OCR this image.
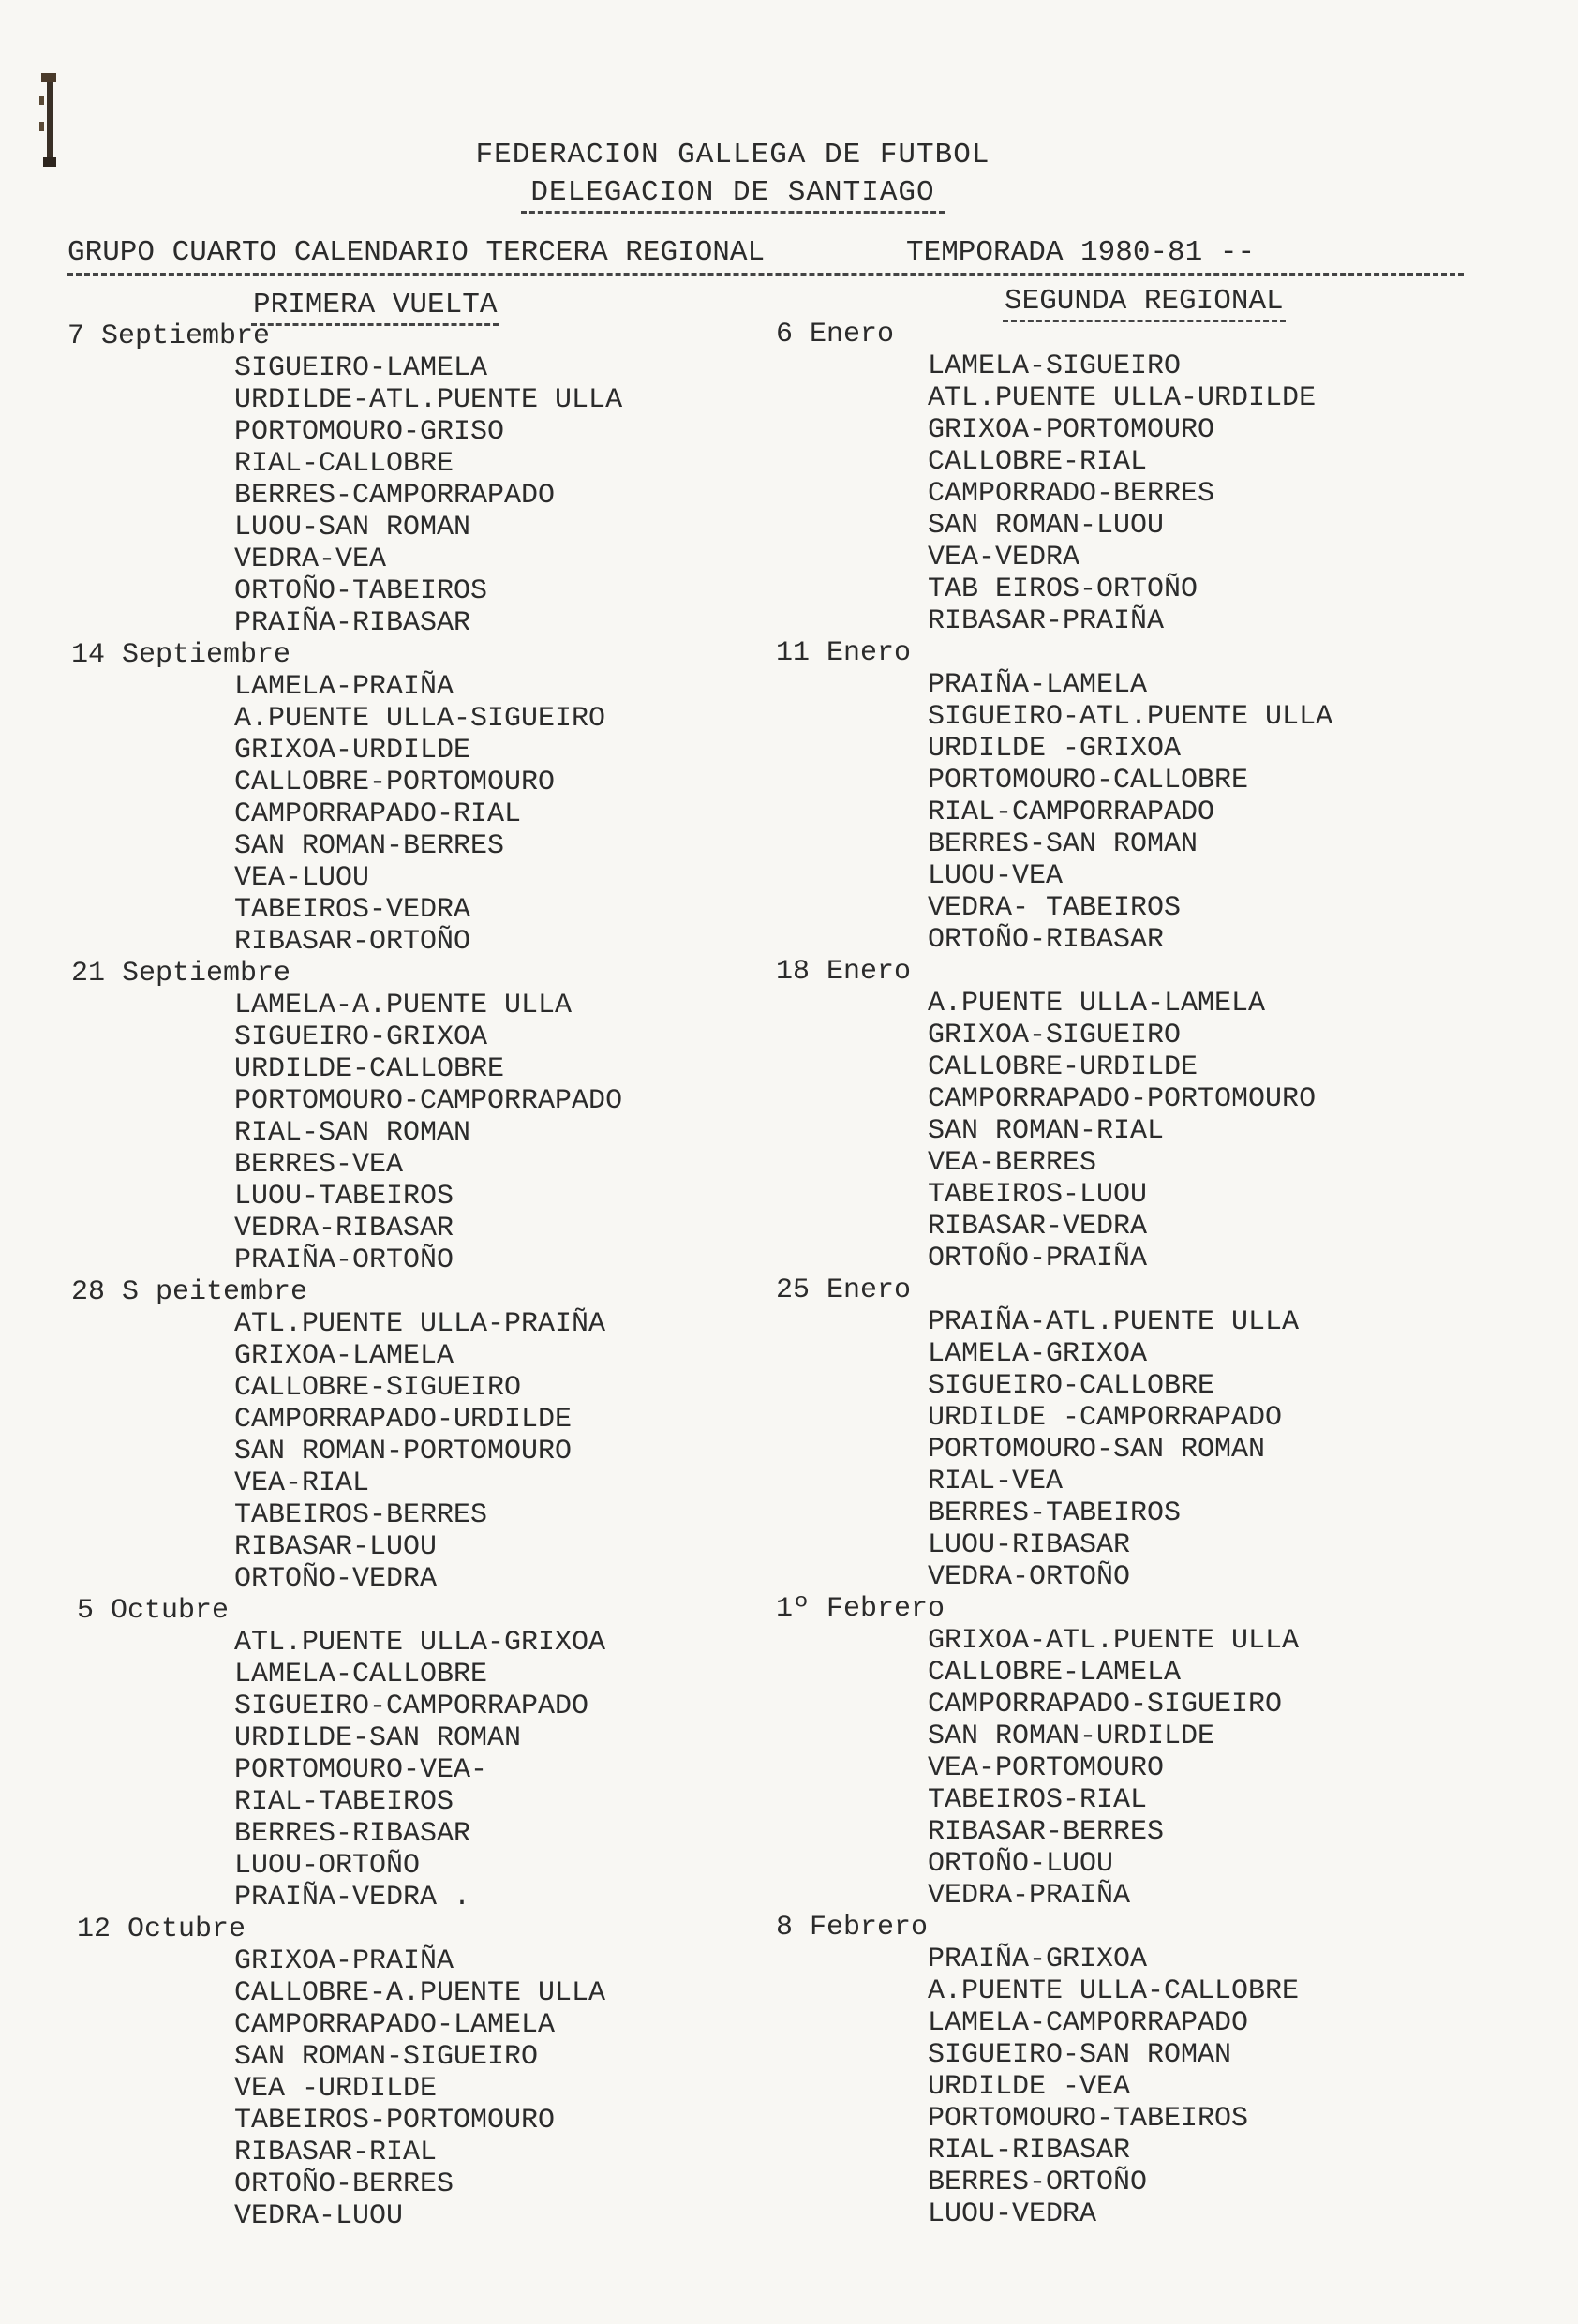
FEDERACION GALLEGA DE FUTBOL
DELEGACION DE SANTIAGO
GRUPO CUARTO CALENDARIO TERCERA REGIONAL	TEMPORADA 1980-81 --
PRIMERA VUELTA	SEGUNDA REGIONAL
7 Septiembre
SIGUEIRO-LAMELA
URDILDE-ATL.PUENTE ULLA
PORTOMOURO-GRISO
RIAL-CALLOBRE
BERRES-CAMPORRAPADO
LUOU-SAN ROMAN
VEDRA-VEA
ORTOÑO-TABEIROS
PRAIÑA-RIBASAR
14 Septiembre
LAMELA-PRAIÑA
A.PUENTE ULLA-SIGUEIRO
GRIXOA-URDILDE
CALLOBRE-PORTOMOURO
CAMPORRAPADO-RIAL
SAN ROMAN-BERRES
VEA-LUOU
TABEIROS-VEDRA
RIBASAR-ORTOÑO
21 Septiembre
LAMELA-A.PUENTE ULLA
SIGUEIRO-GRIXOA
URDILDE-CALLOBRE
PORTOMOURO-CAMPORRAPADO
RIAL-SAN ROMAN
BERRES-VEA
LUOU-TABEIROS
VEDRA-RIBASAR
PRAIÑA-ORTOÑO
28 S peitembre
ATL.PUENTE ULLA-PRAIÑA
GRIXOA-LAMELA
CALLOBRE-SIGUEIRO
CAMPORRAPADO-URDILDE
SAN ROMAN-PORTOMOURO
VEA-RIAL
TABEIROS-BERRES
RIBASAR-LUOU
ORTOÑO-VEDRA
5 Octubre
ATL.PUENTE ULLA-GRIXOA
LAMELA-CALLOBRE
SIGUEIRO-CAMPORRAPADO
URDILDE-SAN ROMAN
PORTOMOURO-VEA-
RIAL-TABEIROS
BERRES-RIBASAR
LUOU-ORTOÑO
PRAIÑA-VEDRA .
12 Octubre
GRIXOA-PRAIÑA
CALLOBRE-A.PUENTE ULLA
CAMPORRAPADO-LAMELA
SAN ROMAN-SIGUEIRO
VEA -URDILDE
TABEIROS-PORTOMOURO
RIBASAR-RIAL
ORTOÑO-BERRES
VEDRA-LUOU
6 Enero
LAMELA-SIGUEIRO
ATL.PUENTE ULLA-URDILDE
GRIXOA-PORTOMOURO
CALLOBRE-RIAL
CAMPORRADO-BERRES
SAN ROMAN-LUOU
VEA-VEDRA
TAB EIROS-ORTOÑO
RIBASAR-PRAIÑA
11 Enero
PRAIÑA-LAMELA
SIGUEIRO-ATL.PUENTE ULLA
URDILDE -GRIXOA
PORTOMOURO-CALLOBRE
RIAL-CAMPORRAPADO
BERRES-SAN ROMAN
LUOU-VEA
VEDRA- TABEIROS
ORTOÑO-RIBASAR
18 Enero
A.PUENTE ULLA-LAMELA
GRIXOA-SIGUEIRO
CALLOBRE-URDILDE
CAMPORRAPADO-PORTOMOURO
SAN ROMAN-RIAL
VEA-BERRES
TABEIROS-LUOU
RIBASAR-VEDRA
ORTOÑO-PRAIÑA
25 Enero
PRAIÑA-ATL.PUENTE ULLA
LAMELA-GRIXOA
SIGUEIRO-CALLOBRE
URDILDE -CAMPORRAPADO
PORTOMOURO-SAN ROMAN
RIAL-VEA
BERRES-TABEIROS
LUOU-RIBASAR
VEDRA-ORTOÑO
1º Febrero
GRIXOA-ATL.PUENTE ULLA
CALLOBRE-LAMELA
CAMPORRAPADO-SIGUEIRO
SAN ROMAN-URDILDE
VEA-PORTOMOURO
TABEIROS-RIAL
RIBASAR-BERRES
ORTOÑO-LUOU
VEDRA-PRAIÑA
8 Febrero
PRAIÑA-GRIXOA
A.PUENTE ULLA-CALLOBRE
LAMELA-CAMPORRAPADO
SIGUEIRO-SAN ROMAN
URDILDE -VEA
PORTOMOURO-TABEIROS
RIAL-RIBASAR
BERRES-ORTOÑO
LUOU-VEDRA
